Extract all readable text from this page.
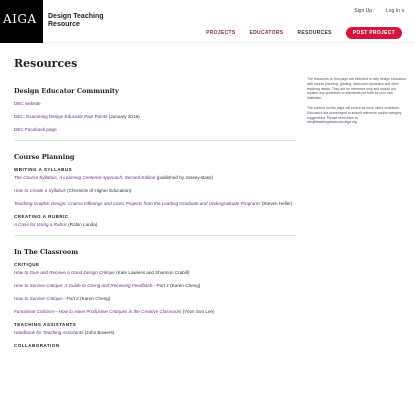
AIGA Design Teaching Resource
Sign Up	Log In ∨
PROJECTS	EDUCATORS	RESOURCES	POST PROJECT
Resources
Design Educator Community
DEC website
DEC: Examining Design Educator Pain Points (January 2019)
DEC Facebook page
Course Planning
WRITING A SYLLABUS
The Course Syllabus, A Learning Centered Approach, Second Edition (published by Jossey-Bass)
How to Create a Syllabus (Chronicle of Higher Education)
Teaching Graphic Design: Course Offerings and Class Projects from the Leading Graduate and Undergraduate Programs (Steven Heller)
CREATING A RUBRIC
A Case for Using a Rubric (Robin Landa)
In The Classroom
CRITIQUE
How to Give and Receive a Good Design Critique (Kate Lawless and Shannon Crabill)
How to Survive Critique: A Guide to Giving and Receiving Feedback—Part 1 (Karen Cheng)
How to Survive Critique—Part 2 (Karen Cheng)
Functional Criticism—How to Have Productive Critiques in the Creative Classroom (Yoon Soo Lee)
TEACHING ASSISTANTS
Handbook for Teaching Assistants (John Bowers)
COLLABORATION

The resources on this page are intended to help design educators with course planning, grading, classroom dynamics and other teaching needs. They are for reference only and should not replace any guidelines or standards put forth by your own institution.

The content on this page will evolve as more users contribute. Educators are encouraged to submit reference and/or category suggestions. Please send them to info@teachingresources.aiga.org
